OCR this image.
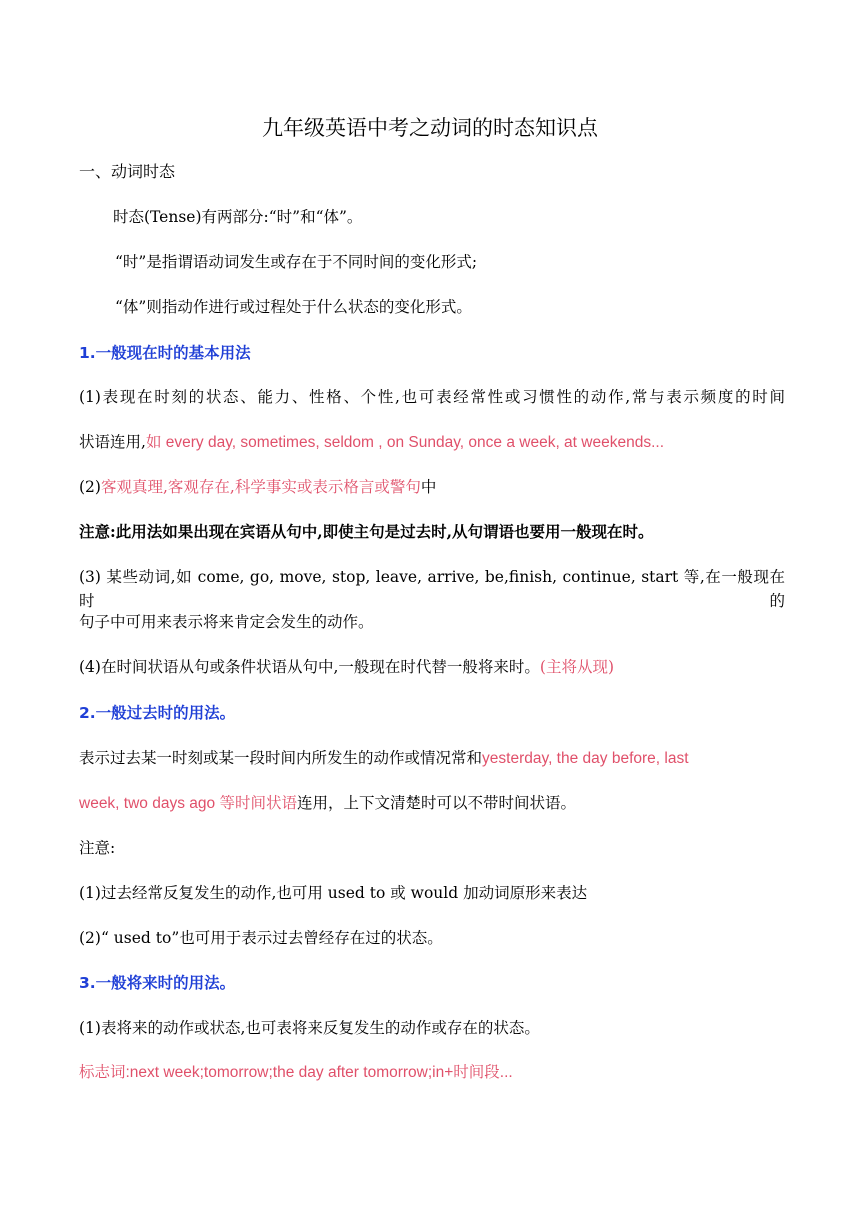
九年级英语中考之动词的时态知识点
一、动词时态
时态(Tense)有两部分:“时”和“体”。
“时”是指谓语动词发生或存在于不同时间的变化形式;
“体”则指动作进行或过程处于什么状态的变化形式。
1.一般现在时的基本用法
(1)表现在时刻的状态、能力、性格、个性,也可表经常性或习惯性的动作,常与表示频度的时间
状语连用,如 every day, sometimes, seldom , on Sunday, once a week, at weekends...
(2)客观真理,客观存在,科学事实或表示格言或警句中
注意:此用法如果出现在宾语从句中,即使主句是过去时,从句谓语也要用一般现在时。
(3) 某些动词,如 come, go, move, stop, leave, arrive, be,finish, continue, start 等,在一般现在时的
句子中可用来表示将来肯定会发生的动作。
(4)在时间状语从句或条件状语从句中,一般现在时代替一般将来时。(主将从现)
2.一般过去时的用法。
表示过去某一时刻或某一段时间内所发生的动作或情况常和yesterday, the day before, last
week, two days ago 等时间状语连用，上下文清楚时可以不带时间状语。
注意:
(1)过去经常反复发生的动作,也可用 used to 或 would 加动词原形来表达
(2)“ used to”也可用于表示过去曾经存在过的状态。
3.一般将来时的用法。
(1)表将来的动作或状态,也可表将来反复发生的动作或存在的状态。
标志词:next week;tomorrow;the day after tomorrow;in+时间段...
